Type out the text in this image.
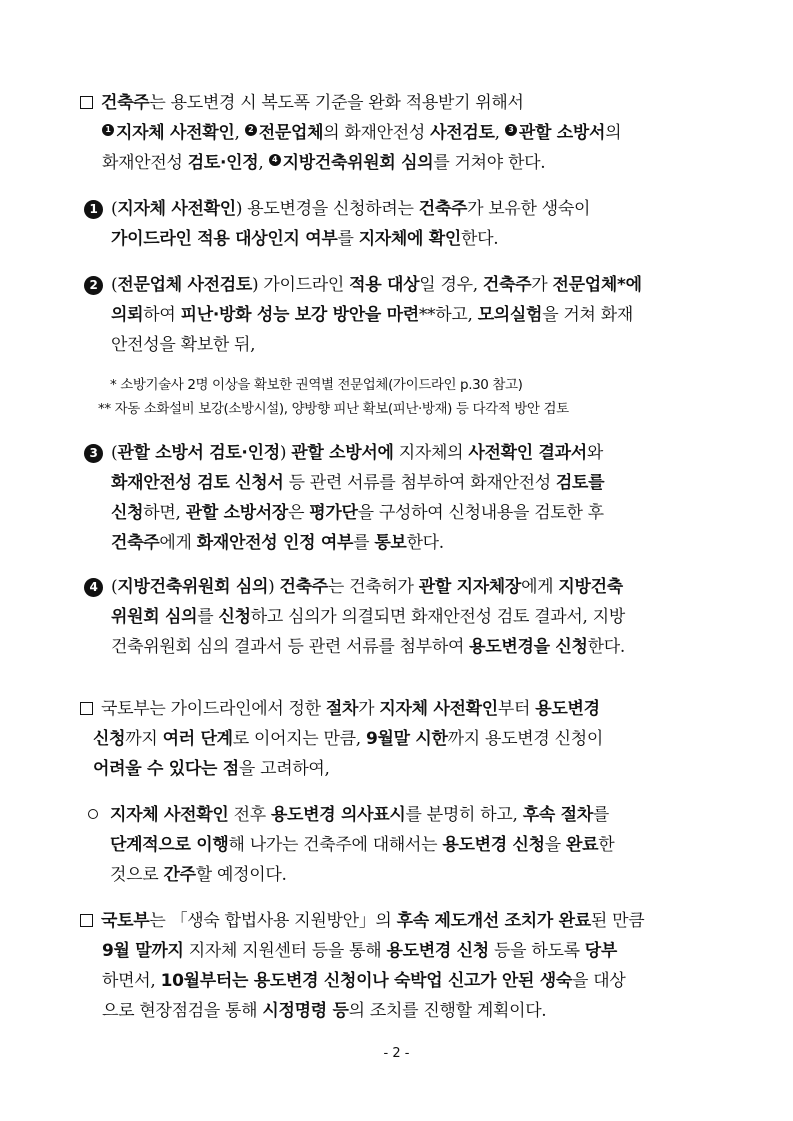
건축주는 용도변경 시 복도폭 기준을 완화 적용받기 위해서
1 지자체 사전확인, 2 전문업체의 화재안전성 사전검토, 3 관할 소방서의
화재안전성 검토·인정, 4 지방건축위원회 심의를 거쳐야 한다.
1 (지자체 사전확인) 용도변경을 신청하려는 건축주가 보유한 생숙이
가이드라인 적용 대상인지 여부를 지자체에 확인한다.
2 (전문업체 사전검토) 가이드라인 적용 대상일 경우, 건축주가 전문업체*에
의뢰하여 피난·방화 성능 보강 방안을 마련**하고, 모의실험을 거쳐 화재
안전성을 확보한 뒤,
* 소방기술사 2명 이상을 확보한 권역별 전문업체(가이드라인 p.30 참고)
** 자동 소화설비 보강(소방시설), 양방향 피난 확보(피난·방재) 등 다각적 방안 검토
3 (관할 소방서 검토·인정) 관할 소방서에 지자체의 사전확인 결과서와
화재안전성 검토 신청서 등 관련 서류를 첨부하여 화재안전성 검토를
신청하면, 관할 소방서장은 평가단을 구성하여 신청내용을 검토한 후
건축주에게 화재안전성 인정 여부를 통보한다.
4 (지방건축위원회 심의) 건축주는 건축허가 관할 지자체장에게 지방건축
위원회 심의를 신청하고 심의가 의결되면 화재안전성 검토 결과서, 지방
건축위원회 심의 결과서 등 관련 서류를 첨부하여 용도변경을 신청한다.
국토부는 가이드라인에서 정한 절차가 지자체 사전확인부터 용도변경
신청까지 여러 단계로 이어지는 만큼, 9월말 시한까지 용도변경 신청이
어려울 수 있다는 점을 고려하여,
지자체 사전확인 전후 용도변경 의사표시를 분명히 하고, 후속 절차를
단계적으로 이행해 나가는 건축주에 대해서는 용도변경 신청을 완료한
것으로 간주할 예정이다.
국토부는 「생숙 합법사용 지원방안」의 후속 제도개선 조치가 완료된 만큼
9월 말까지 지자체 지원센터 등을 통해 용도변경 신청 등을 하도록 당부
하면서, 10월부터는 용도변경 신청이나 숙박업 신고가 안된 생숙을 대상
으로 현장점검을 통해 시정명령 등의 조치를 진행할 계획이다.
- 2 -
